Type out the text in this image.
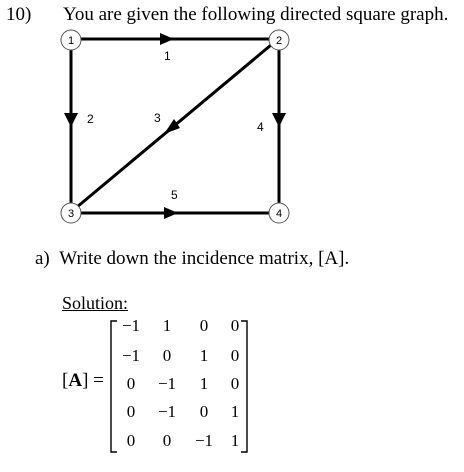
10) You are given the following directed square graph.
1
2	3
4
5
1	2
3	4
a) Write down the incidence matrix, [A].
Solution:
[A] =
−1 1 0 0
−1 0 1 0
0 −1 1 0
0 −1 0 1
0 0 −1 1
